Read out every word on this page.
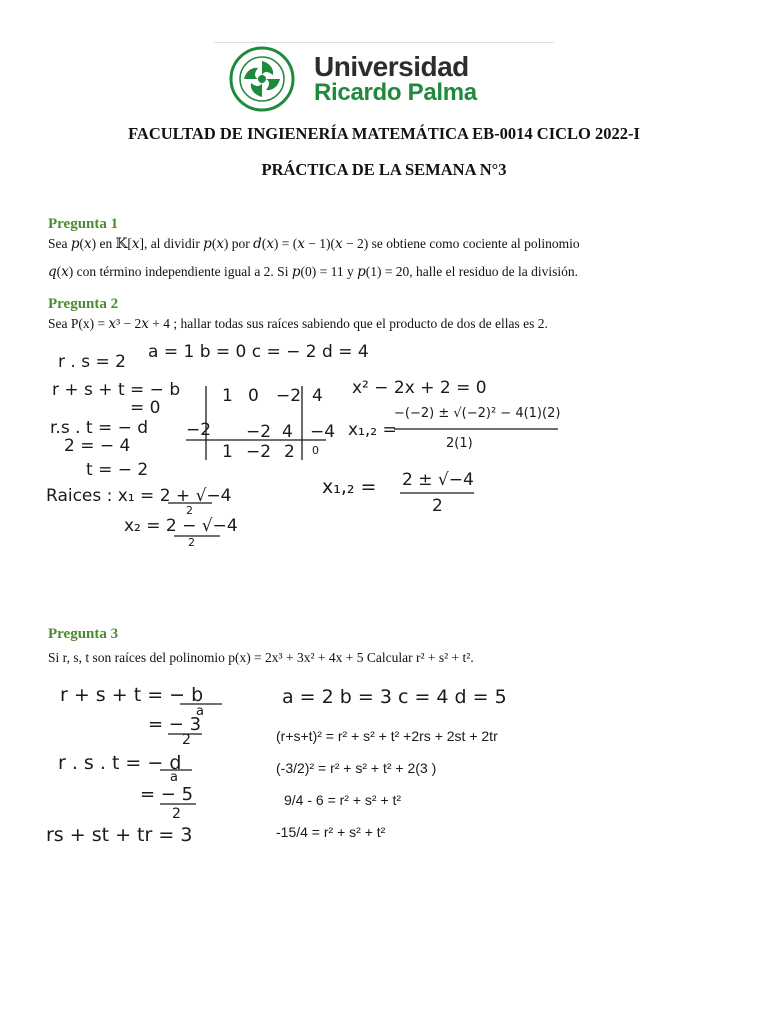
Universidad
Ricardo Palma
FACULTAD DE INGIENERÍA MATEMÁTICA EB-0014 CICLO 2022-I
PRÁCTICA DE LA SEMANA N°3
Pregunta 1
Sea 𝑝(𝑥) en 𝕂[𝑥], al dividir 𝑝(𝑥) por 𝑑(𝑥) = (𝑥 − 1)(𝑥 − 2) se obtiene como cociente al polinomio
𝑞(𝑥) con término independiente igual a 2. Si 𝑝(0) = 11 y 𝑝(1) = 20, halle el residuo de la división.
Pregunta 2
Sea P(x) = 𝑥³ − 2𝑥 + 4 ; hallar todas sus raíces sabiendo que el producto de dos de ellas es 2.
a = 1 b = 0 c = − 2 d = 4
r . s = 2
r + s + t = − b
= 0
r.s . t = − d
2 = − 4
t = − 2
Raices : x₁ = 2 + √−4
2
x₂ = 2 − √−4
2
1 0 −2 4
−2 −2 4 −4
1 −2 2 0
x² − 2x + 2 = 0
x₁,₂ =
−(−2) ± √(−2)² − 4(1)(2)
2(1)
x₁,₂ = 2 ± √−4
2
Pregunta 3
Si r, s, t son raíces del polinomio p(x) = 2x³ + 3x² + 4x + 5 Calcular r² + s² + t².
r + s + t = − b
a
= − 3
2
r . s . t = − d
a
= − 5
2
rs + st + tr = 3
a = 2 b = 3 c = 4 d = 5
(r+s+t)² = r² + s² + t² +2rs + 2st + 2tr
(-3/2)² = r² + s² + t² + 2(3 )
9/4 - 6 = r² + s² + t²
-15/4 = r² + s² + t²
